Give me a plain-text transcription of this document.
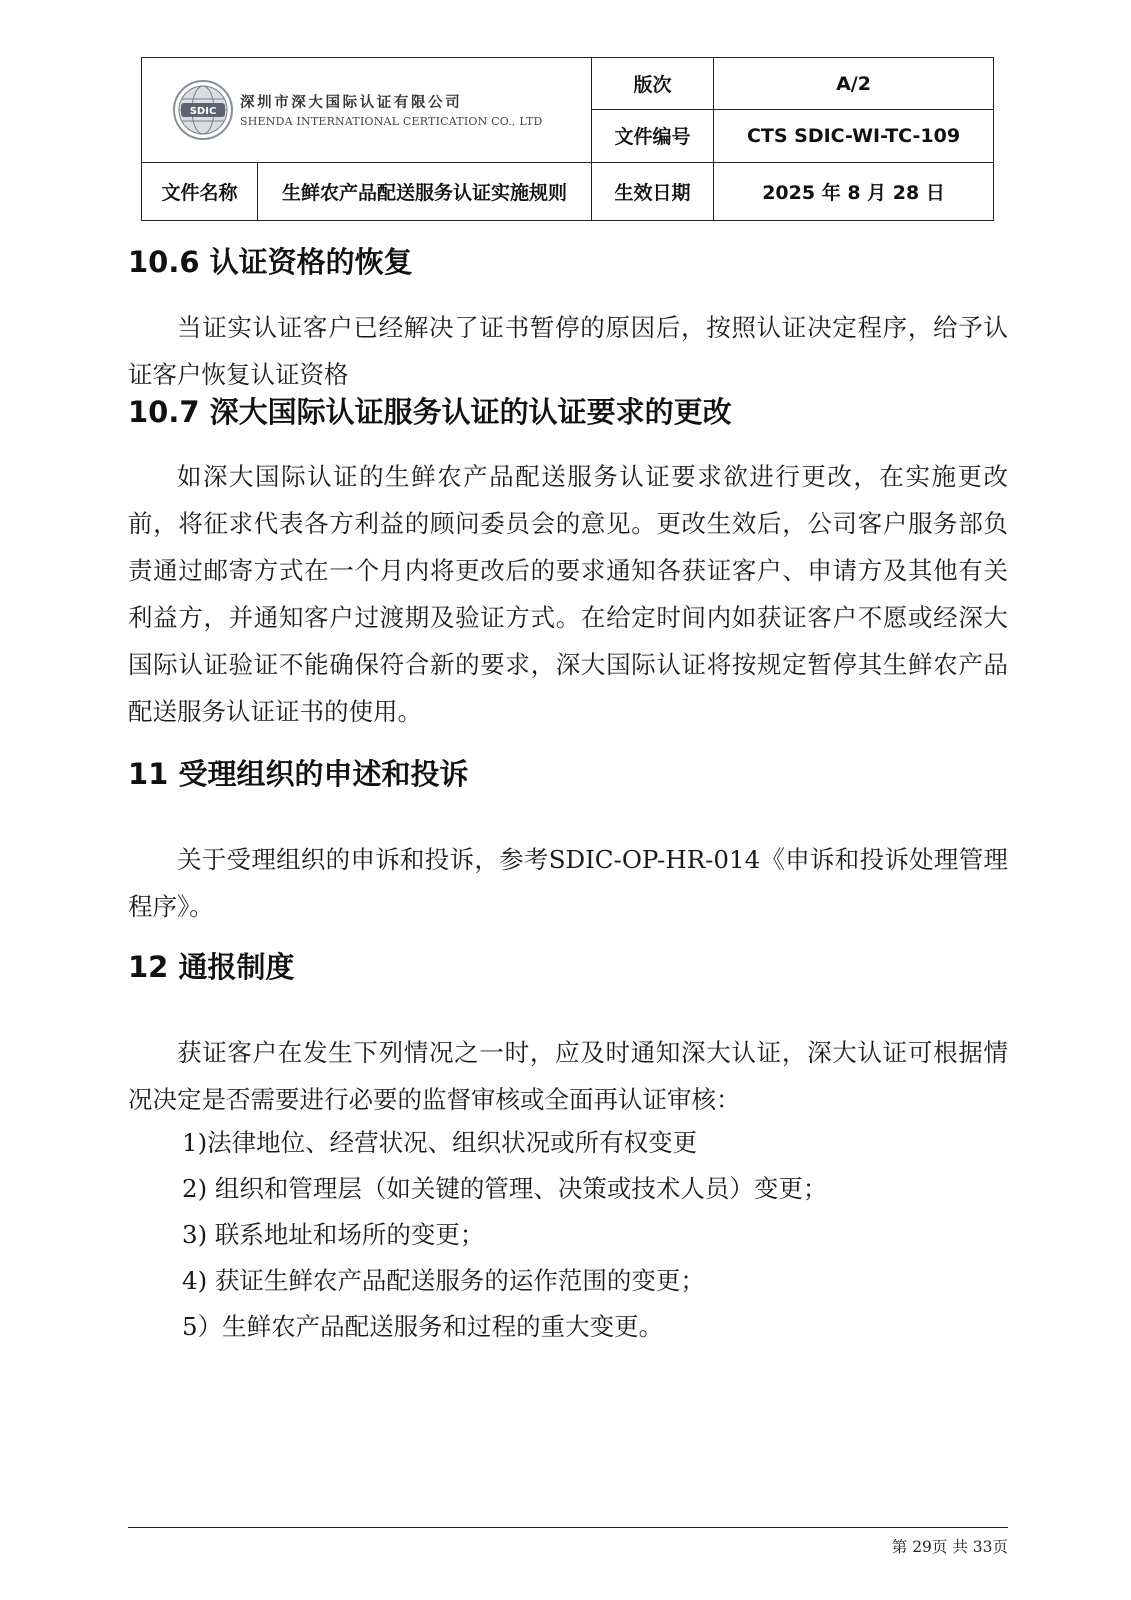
SDIC 深圳市深大国际认证有限公司
SHENDA INTERNATIONAL CERTICATION CO., LTD		版次	A/2
		文件编号	CTS SDIC-WI-TC-109
文件名称	生鲜农产品配送服务认证实施规则	生效日期	2025 年 8 月 28 日
10.6 认证资格的恢复

当证实认证客户已经解决了证书暂停的原因后，按照认证决定程序，给予认证客户恢复认证资格

10.7 深大国际认证服务认证的认证要求的更改

如深大国际认证的生鲜农产品配送服务认证要求欲进行更改，在实施更改前，将征求代表各方利益的顾问委员会的意见。更改生效后，公司客户服务部负责通过邮寄方式在一个月内将更改后的要求通知各获证客户、申请方及其他有关利益方，并通知客户过渡期及验证方式。在给定时间内如获证客户不愿或经深大国际认证验证不能确保符合新的要求，深大国际认证将按规定暂停其生鲜农产品配送服务认证证书的使用。

11 受理组织的申述和投诉

关于受理组织的申诉和投诉，参考SDIC-OP-HR-014《申诉和投诉处理管理程序》。

12 通报制度

获证客户在发生下列情况之一时，应及时通知深大认证，深大认证可根据情况决定是否需要进行必要的监督审核或全面再认证审核：

1)法律地位、经营状况、组织状况或所有权变更
2) 组织和管理层（如关键的管理、决策或技术人员）变更；
3) 联系地址和场所的变更；
4) 获证生鲜农产品配送服务的运作范围的变更；
5）生鲜农产品配送服务和过程的重大变更。
第 29页 共 33页
